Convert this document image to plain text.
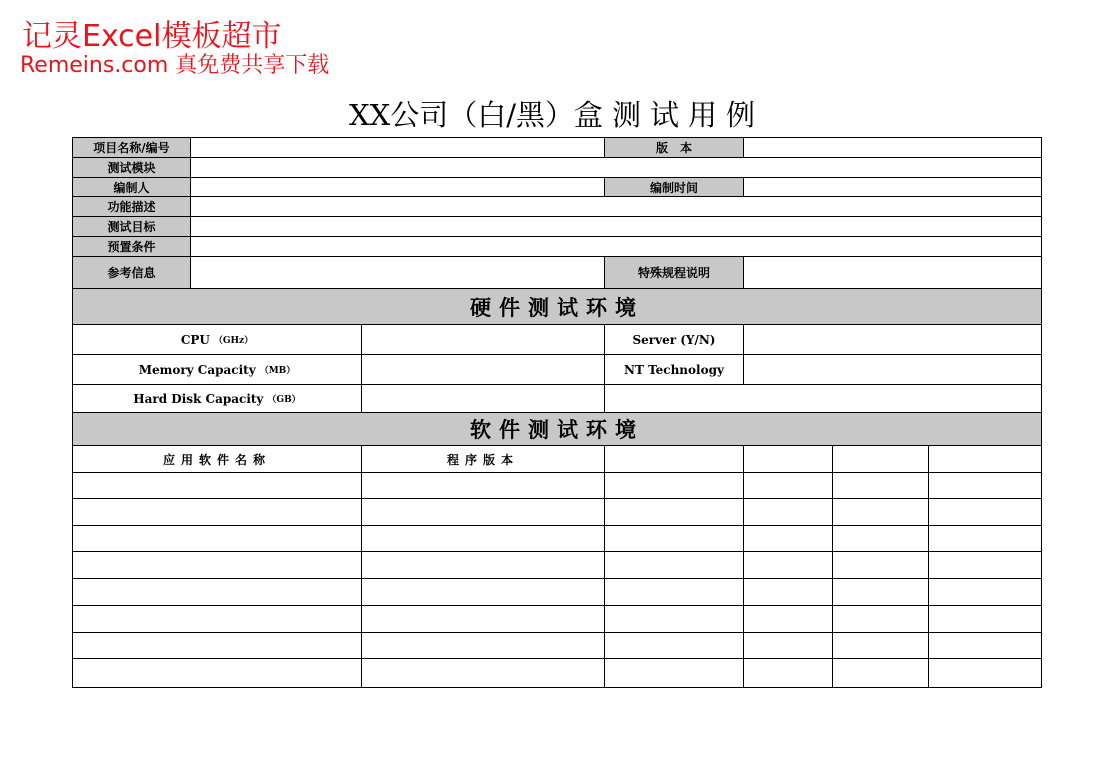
记灵Excel模板超市
Remeins.com 真免费共享下载
XX公司（白/黑）盒测试用例
项目名称/编号	版　本
测试模块
编制人	编制时间
功能描述
测试目标
预置条件
参考信息	特殊规程说明
硬件测试环境
CPU （GHz）	Server (Y/N)
Memory Capacity （MB）	NT Technology
Hard Disk Capacity （GB）
软件测试环境
应用软件名称	程序版本
